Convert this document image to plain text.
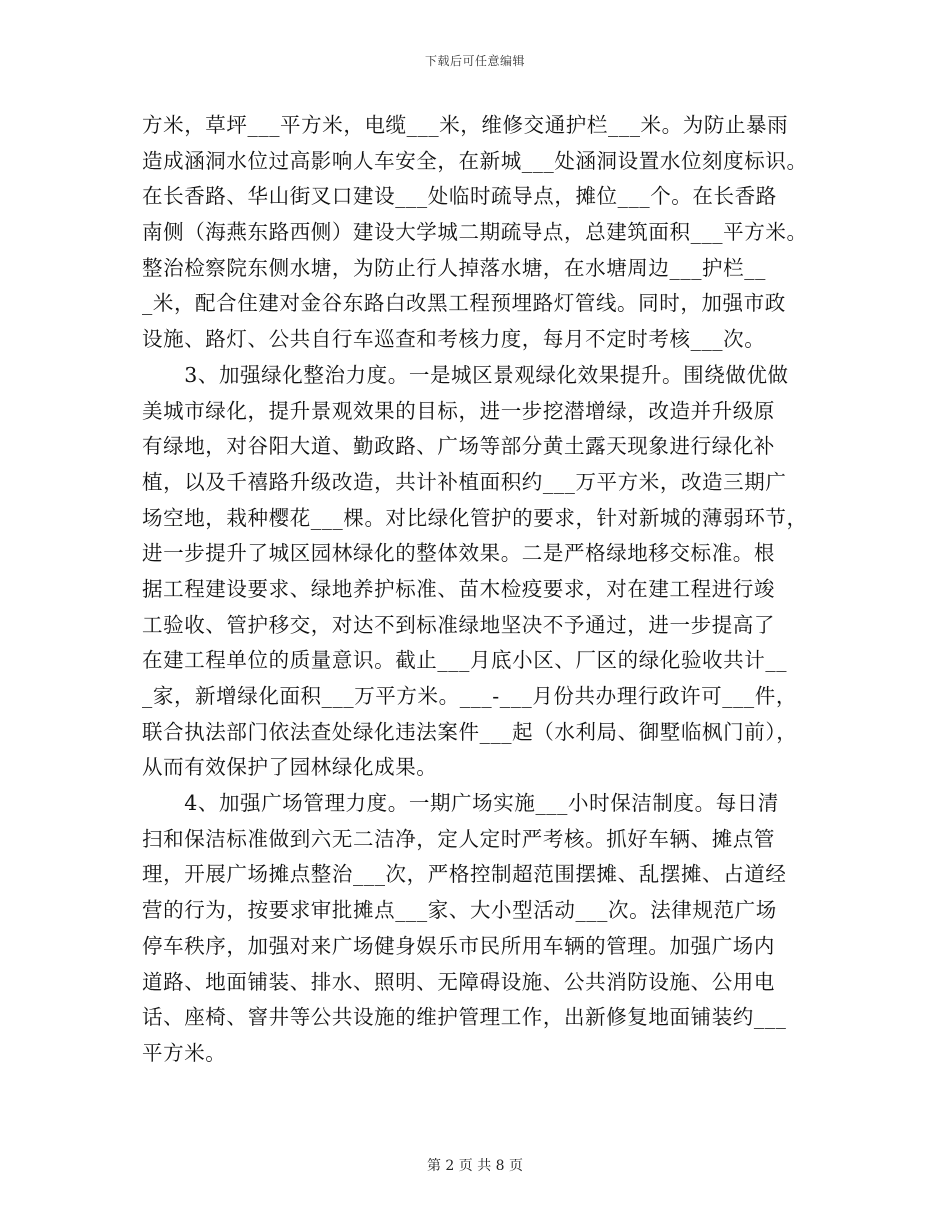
下载后可任意编辑
方米，草坪___平方米，电缆___米，维修交通护栏___米。为防止暴雨
造成涵洞水位过高影响人车安全，在新城___处涵洞设置水位刻度标识。
在长香路、华山街叉口建设___处临时疏导点，摊位___个。在长香路
南侧（海燕东路西侧）建设大学城二期疏导点，总建筑面积___平方米。
整治检察院东侧水塘，为防止行人掉落水塘，在水塘周边___护栏__
_米，配合住建对金谷东路白改黑工程预埋路灯管线。同时，加强市政
设施、路灯、公共自行车巡查和考核力度，每月不定时考核___次。
　　3、加强绿化整治力度。一是城区景观绿化效果提升。围绕做优做
美城市绿化，提升景观效果的目标，进一步挖潜增绿，改造并升级原
有绿地，对谷阳大道、勤政路、广场等部分黄土露天现象进行绿化补
植，以及千禧路升级改造，共计补植面积约___万平方米，改造三期广
场空地，栽种樱花___棵。对比绿化管护的要求，针对新城的薄弱环节，
进一步提升了城区园林绿化的整体效果。二是严格绿地移交标准。根
据工程建设要求、绿地养护标准、苗木检疫要求，对在建工程进行竣
工验收、管护移交，对达不到标准绿地坚决不予通过，进一步提高了
在建工程单位的质量意识。截止___月底小区、厂区的绿化验收共计__
_家，新增绿化面积___万平方米。___-___月份共办理行政许可___件，
联合执法部门依法查处绿化违法案件___起（水利局、御墅临枫门前），
从而有效保护了园林绿化成果。
　　4、加强广场管理力度。一期广场实施___小时保洁制度。每日清
扫和保洁标准做到六无二洁净，定人定时严考核。抓好车辆、摊点管
理，开展广场摊点整治___次，严格控制超范围摆摊、乱摆摊、占道经
营的行为，按要求审批摊点___家、大小型活动___次。法律规范广场
停车秩序，加强对来广场健身娱乐市民所用车辆的管理。加强广场内
道路、地面铺装、排水、照明、无障碍设施、公共消防设施、公用电
话、座椅、窨井等公共设施的维护管理工作，出新修复地面铺装约___
平方米。
第 2 页 共 8 页
